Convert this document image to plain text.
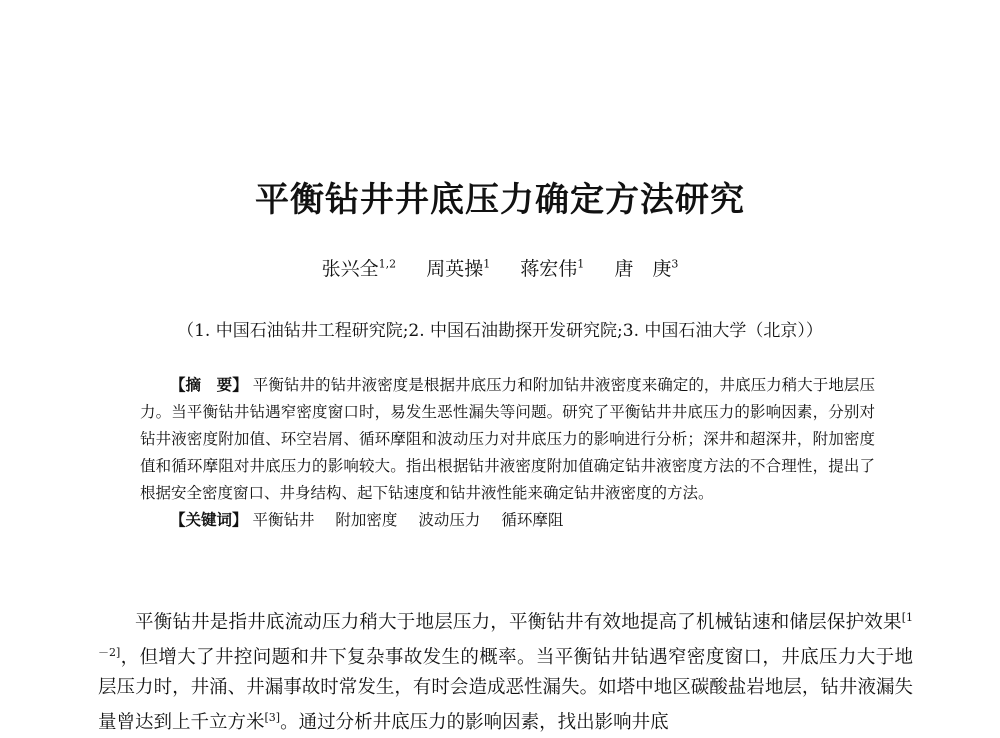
平衡钻井井底压力确定方法研究
张兴全$^{1,2}$ 周英操$^1$ 蒋宏伟$^1$ 唐　庚$^3$
（1. 中国石油钻井工程研究院;2. 中国石油勘探开发研究院;3. 中国石油大学（北京））

【摘　要】 平衡钻井的钻井液密度是根据井底压力和附加钻井液密度来确定的，井底压力稍大于地层压力。当平衡钻井钻遇窄密度窗口时，易发生恶性漏失等问题。研究了平衡钻井井底压力的影响因素，分别对钻井液密度附加值、环空岩屑、循环摩阻和波动压力对井底压力的影响进行分析；深井和超深井，附加密度值和循环摩阻对井底压力的影响较大。指出根据钻井液密度附加值确定钻井液密度方法的不合理性，提出了根据安全密度窗口、井身结构、起下钻速度和钻井液性能来确定钻井液密度的方法。

【关键词】 平衡钻井 附加密度 波动压力 循环摩阻

平衡钻井是指井底流动压力稍大于地层压力，平衡钻井有效地提高了机械钻速和储层保护效果[1－2]，但增大了井控问题和井下复杂事故发生的概率。当平衡钻井钻遇窄密度窗口，井底压力大于地层压力时，井涌、井漏事故时常发生，有时会造成恶性漏失。如塔中地区碳酸盐岩地层，钻井液漏失量曾达到上千立方米[3]。通过分析井底压力的影响因素，找出影响井底
